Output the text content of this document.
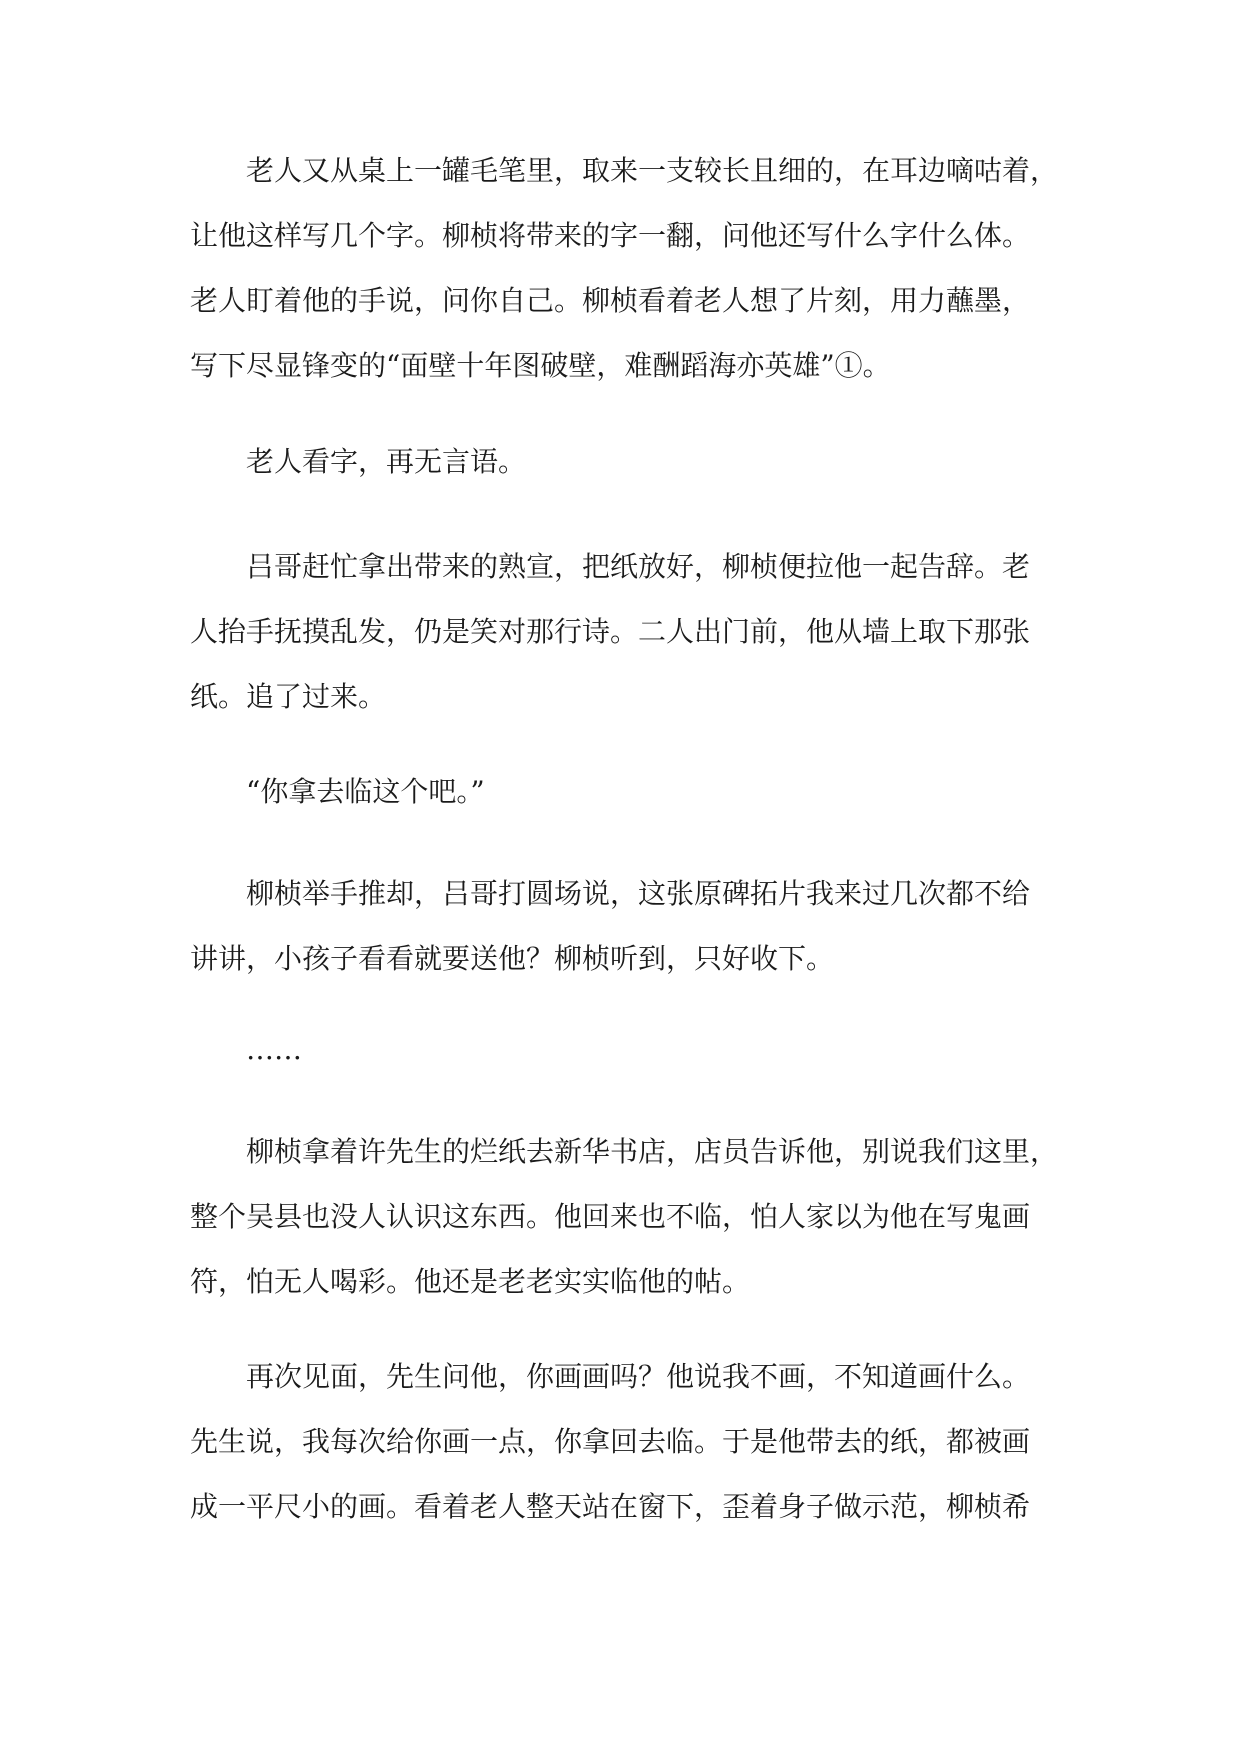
老人又从桌上一罐毛笔里，取来一支较长且细的，在耳边嘀咕着，
让他这样写几个字。柳桢将带来的字一翻，问他还写什么字什么体。
老人盯着他的手说，问你自己。柳桢看着老人想了片刻，用力蘸墨，
写下尽显锋变的“面壁十年图破壁，难酬蹈海亦英雄”①。
老人看字，再无言语。
吕哥赶忙拿出带来的熟宣，把纸放好，柳桢便拉他一起告辞。老
人抬手抚摸乱发，仍是笑对那行诗。二人出门前，他从墙上取下那张
纸。追了过来。
“你拿去临这个吧。”
柳桢举手推却，吕哥打圆场说，这张原碑拓片我来过几次都不给
讲讲，小孩子看看就要送他？柳桢听到，只好收下。
……
柳桢拿着许先生的烂纸去新华书店，店员告诉他，别说我们这里，
整个吴县也没人认识这东西。他回来也不临，怕人家以为他在写鬼画
符，怕无人喝彩。他还是老老实实临他的帖。
再次见面，先生问他，你画画吗？他说我不画，不知道画什么。
先生说，我每次给你画一点，你拿回去临。于是他带去的纸，都被画
成一平尺小的画。看着老人整天站在窗下，歪着身子做示范，柳桢希
